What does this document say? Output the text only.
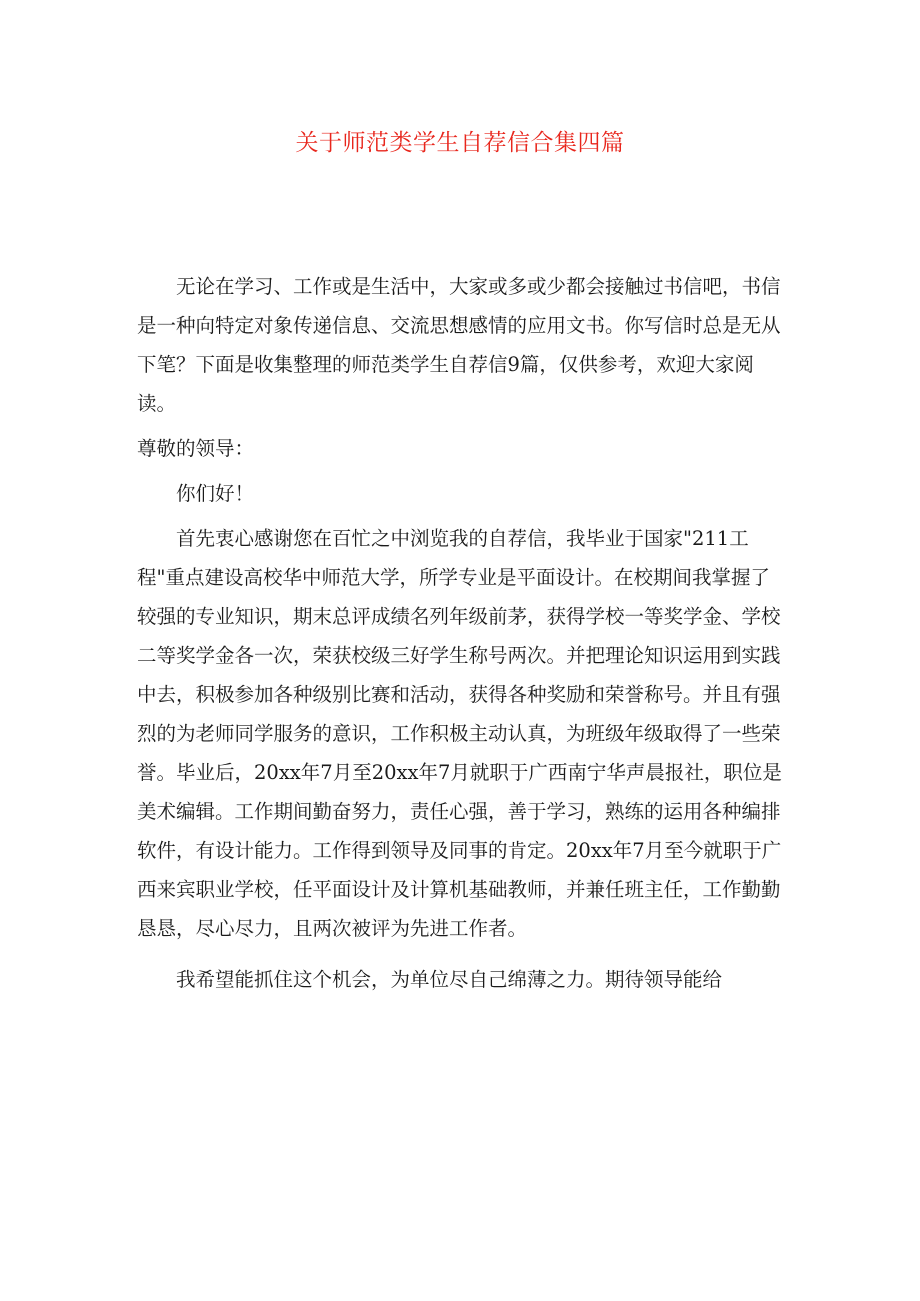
关于师范类学生自荐信合集四篇

无论在学习、工作或是生活中，大家或多或少都会接触过书信吧，书信是一种向特定对象传递信息、交流思想感情的应用文书。你写信时总是无从下笔？下面是收集整理的师范类学生自荐信9篇，仅供参考，欢迎大家阅读。

尊敬的领导：

你们好！

首先衷心感谢您在百忙之中浏览我的自荐信，我毕业于国家"211工程"重点建设高校华中师范大学，所学专业是平面设计。在校期间我掌握了较强的专业知识，期末总评成绩名列年级前茅，获得学校一等奖学金、学校二等奖学金各一次，荣获校级三好学生称号两次。并把理论知识运用到实践中去，积极参加各种级别比赛和活动，获得各种奖励和荣誉称号。并且有强烈的为老师同学服务的意识，工作积极主动认真，为班级年级取得了一些荣誉。毕业后，20xx年7月至20xx年7月就职于广西南宁华声晨报社，职位是美术编辑。工作期间勤奋努力，责任心强，善于学习，熟练的运用各种编排软件，有设计能力。工作得到领导及同事的肯定。20xx年7月至今就职于广西来宾职业学校，任平面设计及计算机基础教师，并兼任班主任，工作勤勤恳恳，尽心尽力，且两次被评为先进工作者。

我希望能抓住这个机会，为单位尽自己绵薄之力。期待领导能给
